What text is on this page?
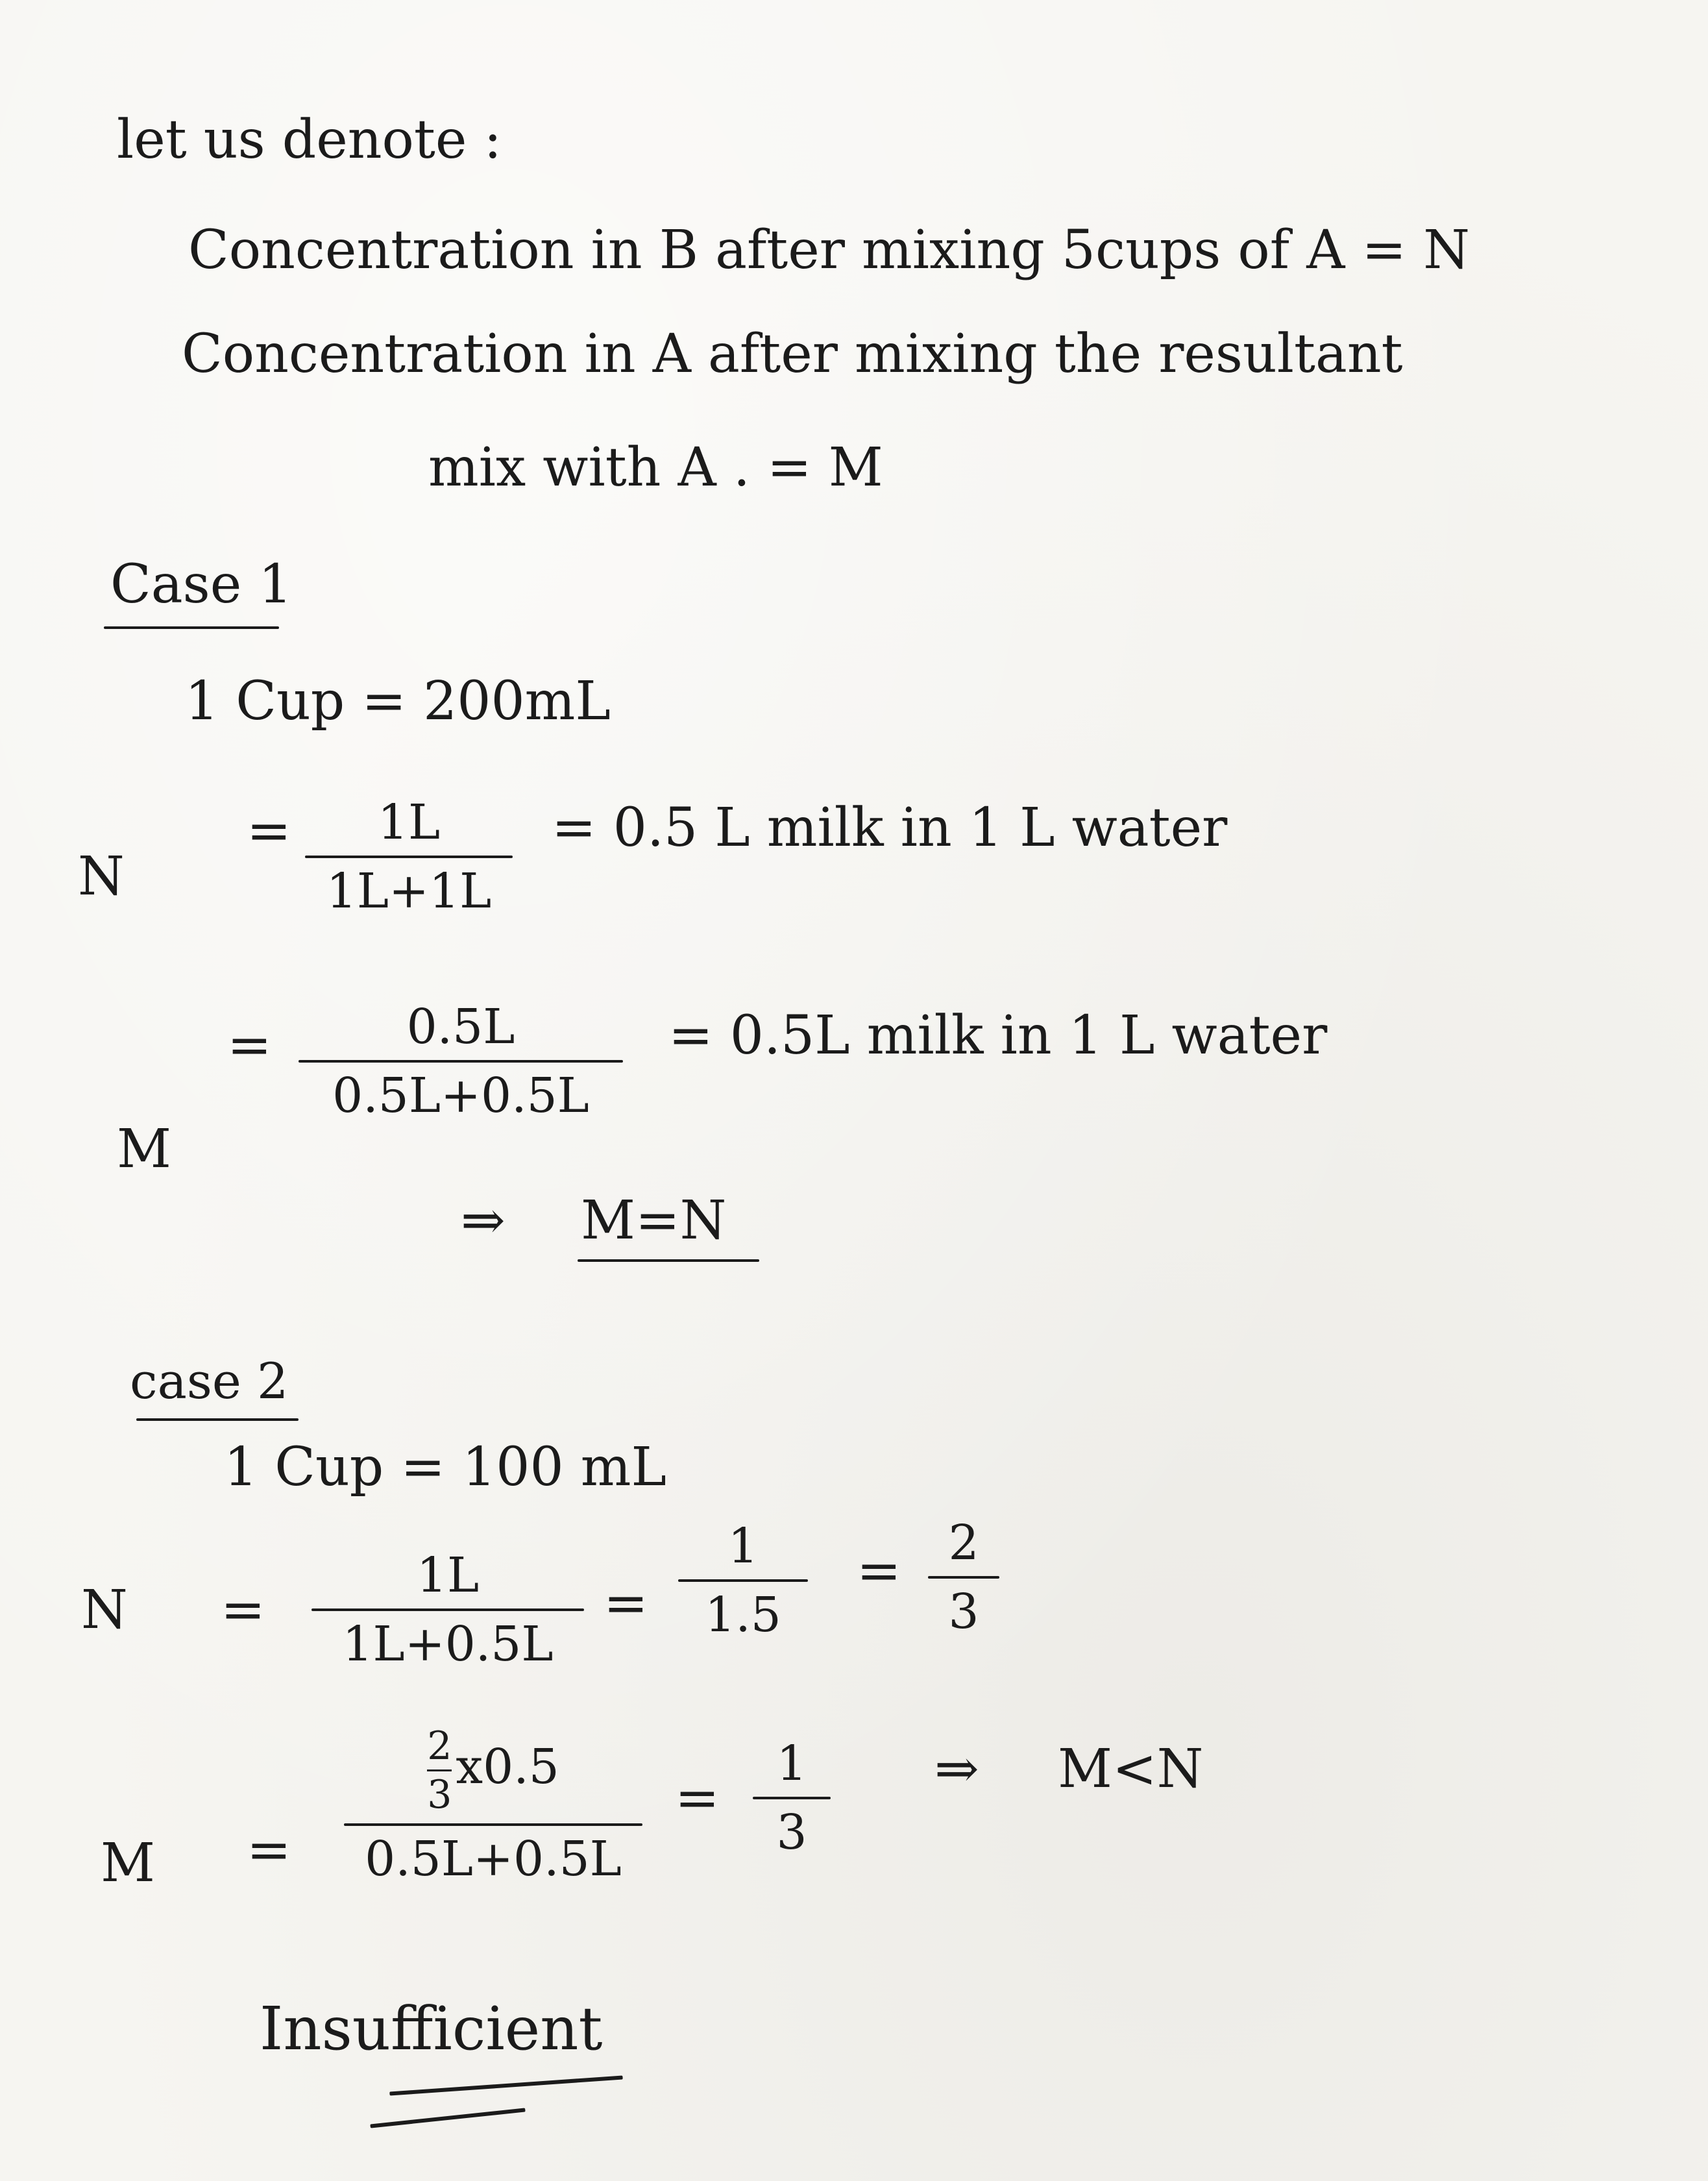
let us denote :
Concentration in B after mixing 5cups of A = N
Concentration in A after mixing the resultant
mix with A . = M
Case 1
1 Cup = 200mL
N
= 1L
1L+1L
= 0.5 L milk in 1 L water
=	0.5L
0.5L+0.5L
= 0.5L milk in 1 L water
M
⇒ M=N
case 2
1 Cup = 100 mL
N =
1L
1L+0.5L
=
1
1.5
= 2
3
M =
$\frac{2}{3} x0.5$
0.5L+0.5L
=
1
3
⇒ M<N
Insufficient
